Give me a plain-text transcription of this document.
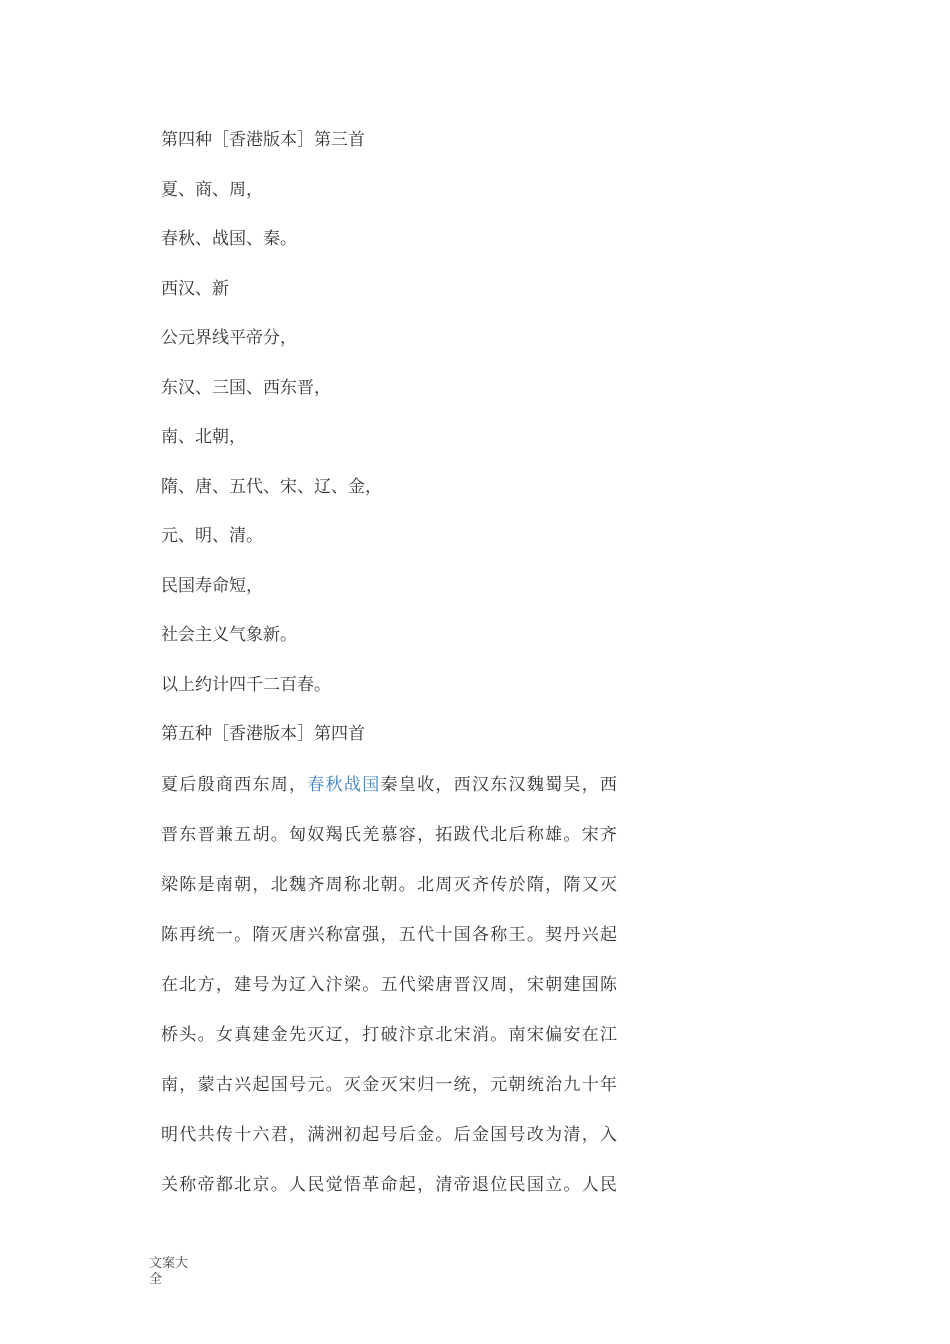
第四种［香港版本］第三首
夏、商、周，
春秋、战国、秦。
西汉、新
公元界线平帝分，
东汉、三国、西东晋，
南、北朝，
隋、唐、五代、宋、辽、金，
元、明、清。
民国寿命短，
社会主义气象新。
以上约计四千二百春。
第五种［香港版本］第四首
夏后殷商西东周，春秋战国秦皇收，西汉东汉魏蜀吴，西
晋东晋兼五胡。匈奴羯氏羌慕容，拓跋代北后称雄。宋齐
梁陈是南朝，北魏齐周称北朝。北周灭齐传於隋，隋又灭
陈再统一。隋灭唐兴称富强，五代十国各称王。契丹兴起
在北方，建号为辽入汴梁。五代梁唐晋汉周，宋朝建国陈
桥头。女真建金先灭辽，打破汴京北宋消。南宋偏安在江
南，蒙古兴起国号元。灭金灭宋归一统，元朝统治九十年
明代共传十六君，满洲初起号后金。后金国号改为清，入
关称帝都北京。人民觉悟革命起，清帝退位民国立。人民
文案大
全
